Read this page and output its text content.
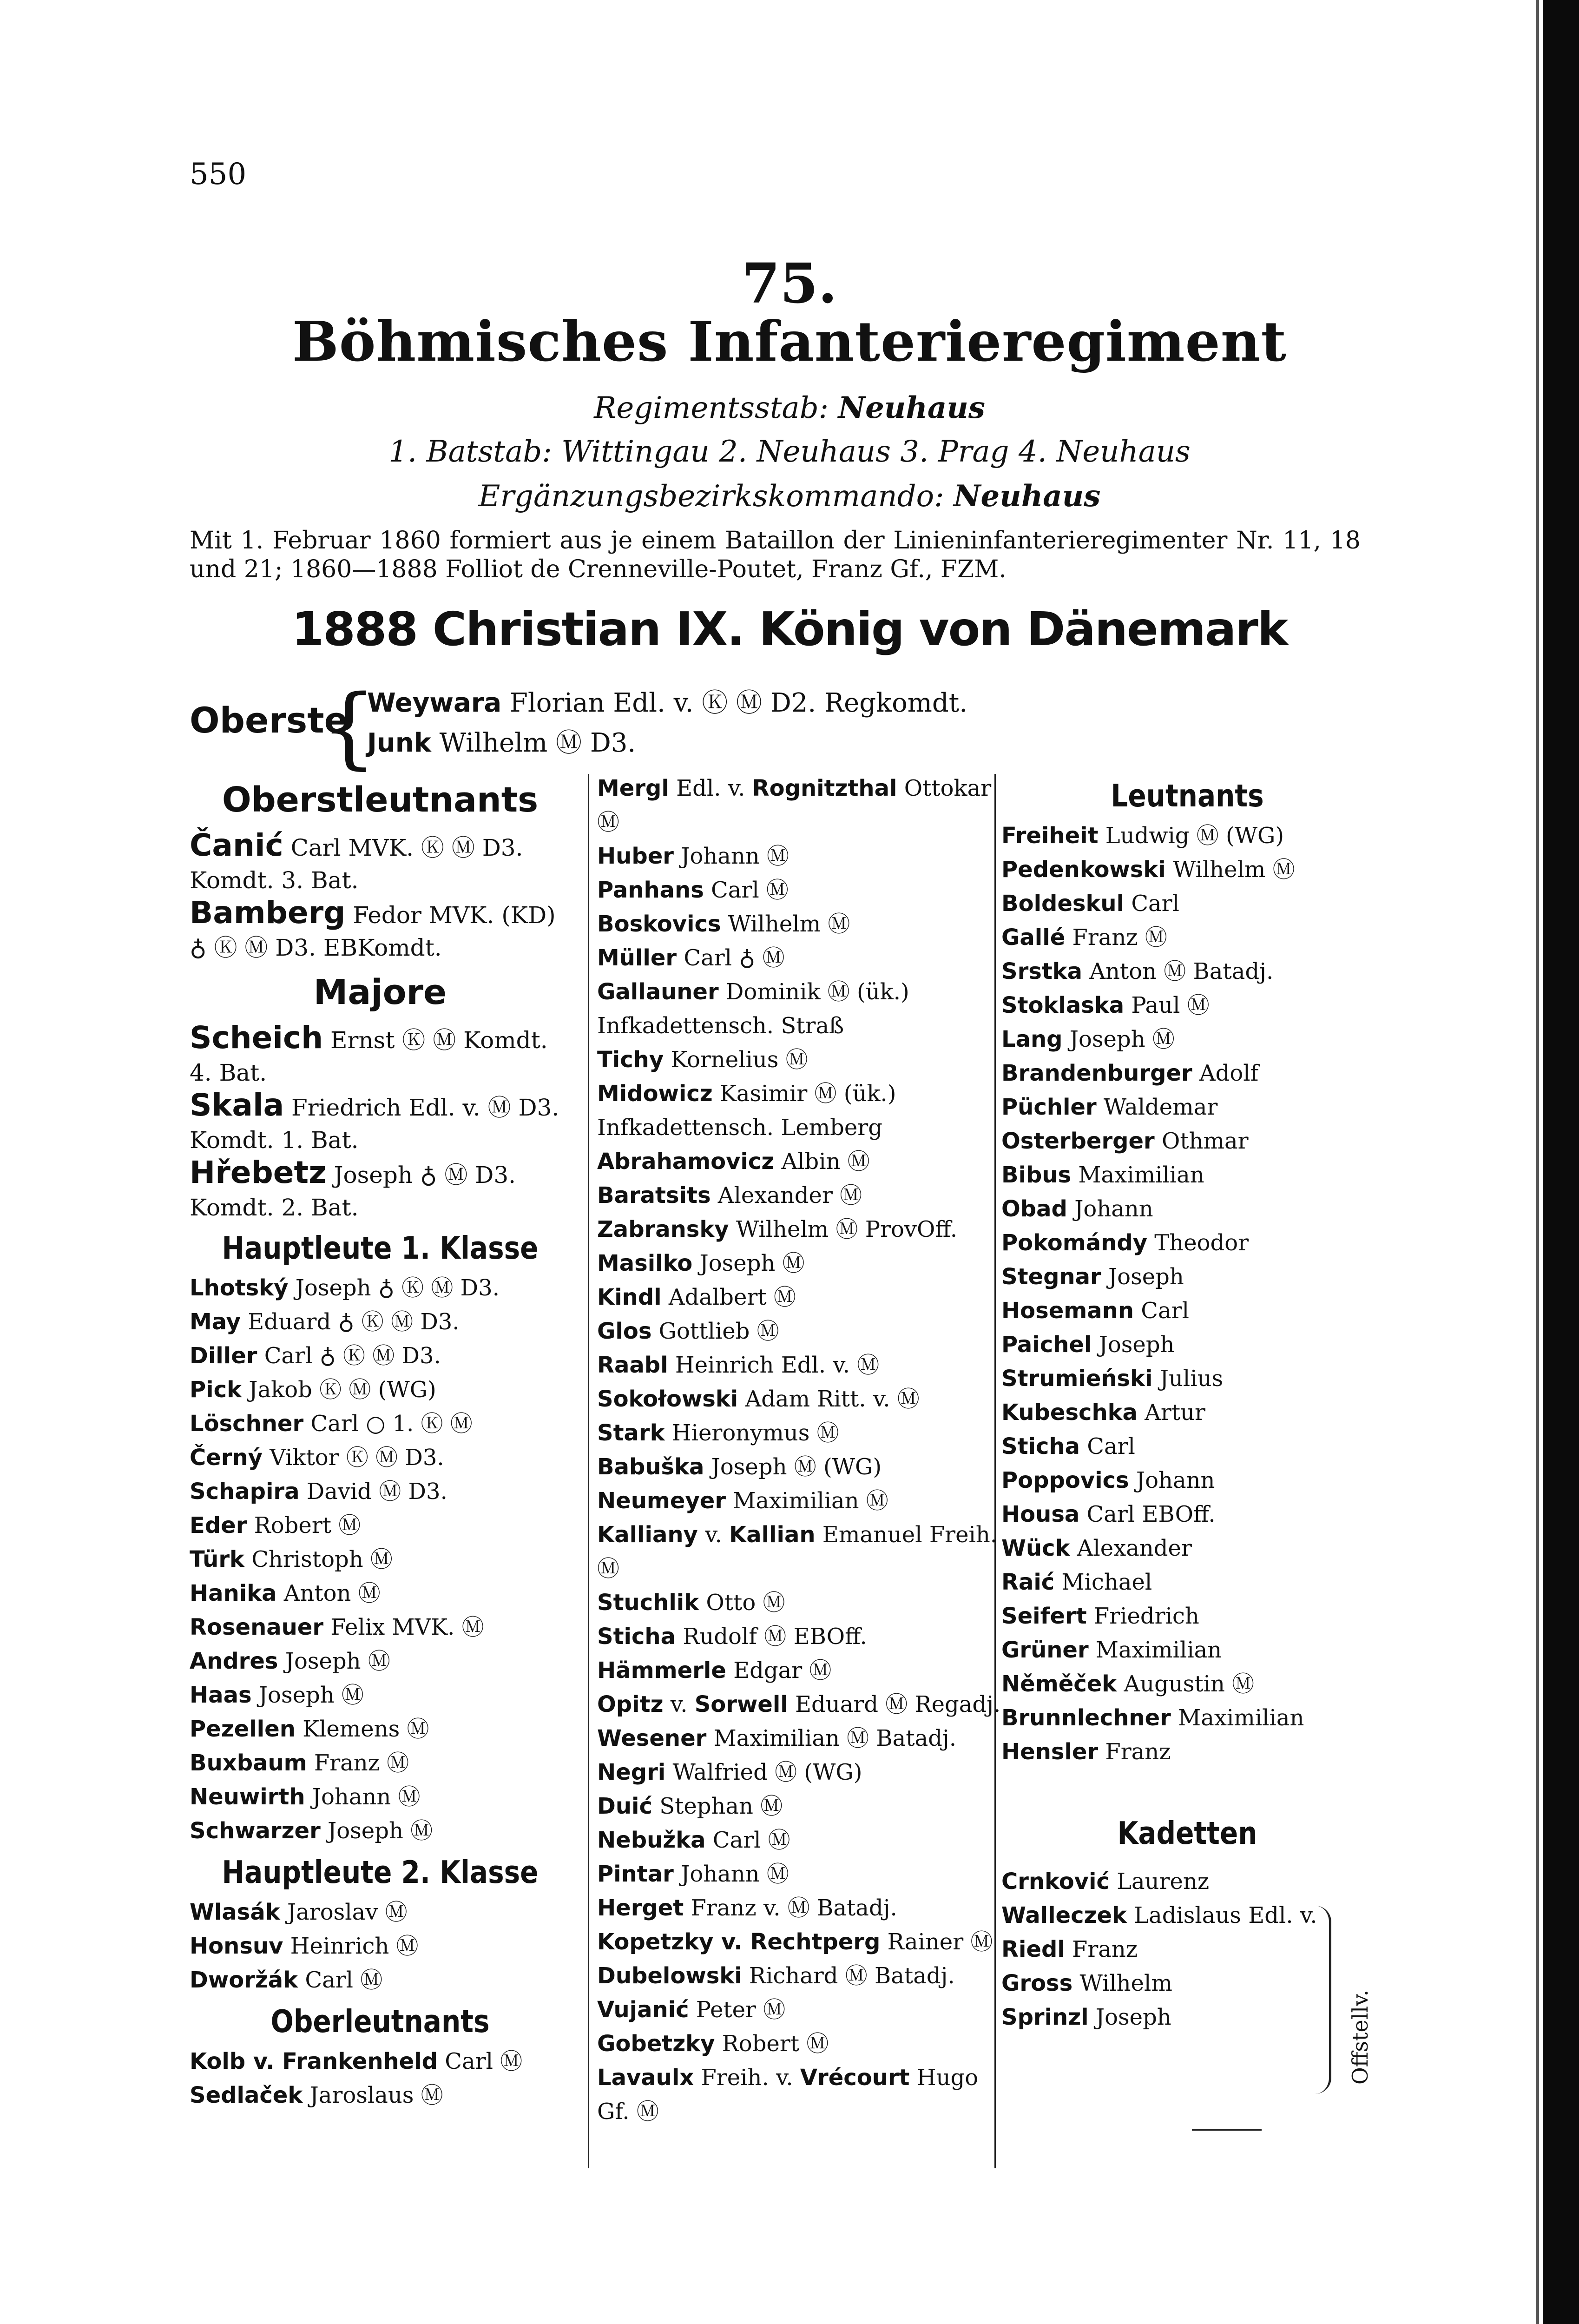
550
75.
Böhmisches Infanterieregiment
Regimentsstab: Neuhaus
1. Batstab: Wittingau 2. Neuhaus 3. Prag 4. Neuhaus
Ergänzungsbezirkskommando: Neuhaus
Mit 1. Februar 1860 formiert aus je einem Bataillon der Linieninfanterieregimenter Nr. 11, 18 und 21; 1860—1888 Folliot de Crenneville-Poutet, Franz Gf., FZM.
1888 Christian IX. König von Dänemark
Oberste
{
Weywara Florian Edl. v. Ⓚ Ⓜ D2. Regkomdt.
Junk Wilhelm Ⓜ D3.
Oberstleutnants
Čanić Carl MVK. Ⓚ Ⓜ D3. Komdt. 3. Bat.
Bamberg Fedor MVK. (KD) ♁ Ⓚ Ⓜ D3. EBKomdt.
Majore
Scheich Ernst Ⓚ Ⓜ Komdt. 4. Bat.
Skala Friedrich Edl. v. Ⓜ D3. Komdt. 1. Bat.
Hřebetz Joseph ♁ Ⓜ D3. Komdt. 2. Bat.
Hauptleute 1. Klasse
Lhotský Joseph ♁ Ⓚ Ⓜ D3.
May Eduard ♁ Ⓚ Ⓜ D3.
Diller Carl ♁ Ⓚ Ⓜ D3.
Pick Jakob Ⓚ Ⓜ (WG)
Löschner Carl ○ 1. Ⓚ Ⓜ
Černý Viktor Ⓚ Ⓜ D3.
Schapira David Ⓜ D3.
Eder Robert Ⓜ
Türk Christoph Ⓜ
Hanika Anton Ⓜ
Rosenauer Felix MVK. Ⓜ
Andres Joseph Ⓜ
Haas Joseph Ⓜ
Pezellen Klemens Ⓜ
Buxbaum Franz Ⓜ
Neuwirth Johann Ⓜ
Schwarzer Joseph Ⓜ
Hauptleute 2. Klasse
Wlasák Jaroslav Ⓜ
Honsuv Heinrich Ⓜ
Dworžák Carl Ⓜ
Oberleutnants
Kolb v. Frankenheld Carl Ⓜ
Sedlaček Jaroslaus Ⓜ
Mergl Edl. v. Rognitzthal Ottokar Ⓜ
Huber Johann Ⓜ
Panhans Carl Ⓜ
Boskovics Wilhelm Ⓜ
Müller Carl ♁ Ⓜ
Gallauner Dominik Ⓜ (ük.) Infkadettensch. Straß
Tichy Kornelius Ⓜ
Midowicz Kasimir Ⓜ (ük.) Infkadettensch. Lemberg
Abrahamovicz Albin Ⓜ
Baratsits Alexander Ⓜ
Zabransky Wilhelm Ⓜ ProvOff.
Masilko Joseph Ⓜ
Kindl Adalbert Ⓜ
Glos Gottlieb Ⓜ
Raabl Heinrich Edl. v. Ⓜ
Sokołowski Adam Ritt. v. Ⓜ
Stark Hieronymus Ⓜ
Babuška Joseph Ⓜ (WG)
Neumeyer Maximilian Ⓜ
Kalliany v. Kallian Emanuel Freih. Ⓜ
Stuchlik Otto Ⓜ
Sticha Rudolf Ⓜ EBOff.
Hämmerle Edgar Ⓜ
Opitz v. Sorwell Eduard Ⓜ Regadj.
Wesener Maximilian Ⓜ Batadj.
Negri Walfried Ⓜ (WG)
Duić Stephan Ⓜ
Nebužka Carl Ⓜ
Pintar Johann Ⓜ
Herget Franz v. Ⓜ Batadj.
Kopetzky v. Rechtperg Rainer Ⓜ
Dubelowski Richard Ⓜ Batadj.
Vujanić Peter Ⓜ
Gobetzky Robert Ⓜ
Lavaulx Freih. v. Vrécourt Hugo Gf. Ⓜ
Leutnants
Freiheit Ludwig Ⓜ (WG)
Pedenkowski Wilhelm Ⓜ
Boldeskul Carl
Gallé Franz Ⓜ
Srstka Anton Ⓜ Batadj.
Stoklaska Paul Ⓜ
Lang Joseph Ⓜ
Brandenburger Adolf
Püchler Waldemar
Osterberger Othmar
Bibus Maximilian
Obad Johann
Pokomándy Theodor
Stegnar Joseph
Hosemann Carl
Paichel Joseph
Strumieński Julius
Kubeschka Artur
Sticha Carl
Poppovics Johann
Housa Carl EBOff.
Wück Alexander
Raić Michael
Seifert Friedrich
Grüner Maximilian
Něměček Augustin Ⓜ
Brunnlechner Maximilian
Hensler Franz
Kadetten
Crnković Laurenz
Walleczek Ladislaus Edl. v.
Riedl Franz
Gross Wilhelm
Sprinzl Joseph	Offstellv.
